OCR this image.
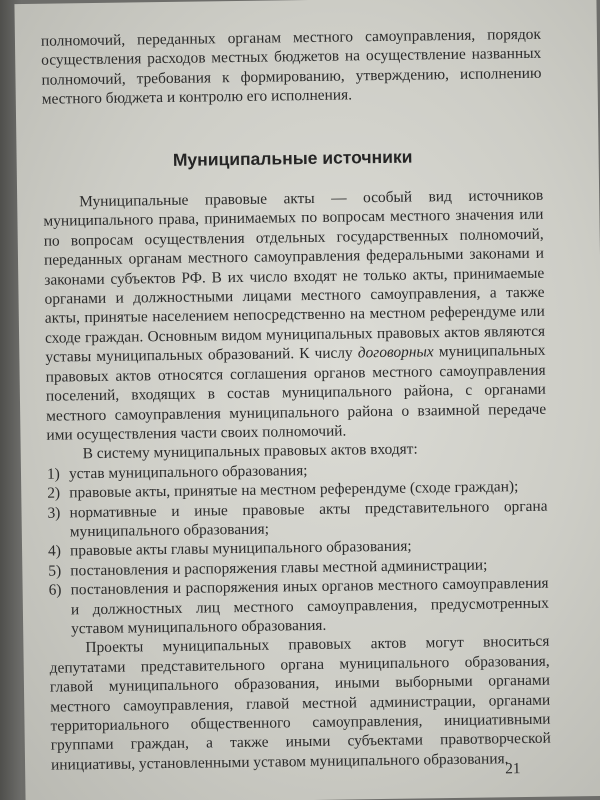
полномочий, переданных органам местного самоуправления, порядок осуществления расходов местных бюджетов на осуществление названных полномочий, требования к формированию, утверждению, исполнению местного бюджета и контролю его исполнения.

Муниципальные источники

Муниципальные правовые акты — особый вид источников муниципального права, принимаемых по вопросам местного значения или по вопросам осуществления отдельных государственных полномочий, переданных органам местного самоуправления федеральными законами и законами субъектов РФ. В их число входят не только акты, принимаемые органами и должностными лицами местного самоуправления, а также акты, принятые населением непосредственно на местном референдуме или сходе граждан. Основным видом муниципальных правовых актов являются уставы муниципальных образований. К числу договорных муниципальных правовых актов относятся соглашения органов местного самоуправления поселений, входящих в состав муниципального района, с органами местного самоуправления муниципального района о взаимной передаче ими осуществления части своих полномочий.

В систему муниципальных правовых актов входят:

1) устав муниципального образования;
2) правовые акты, принятые на местном референдуме (сходе граждан);
3) нормативные и иные правовые акты представительного органа муниципального образования;
4) правовые акты главы муниципального образования;
5) постановления и распоряжения главы местной администрации;
6) постановления и распоряжения иных органов местного самоуправления и должностных лиц местного самоуправления, предусмотренных уставом муниципального образования.

Проекты муниципальных правовых актов могут вноситься депутатами представительного органа муниципального образования, главой муниципального образования, иными выборными органами местного самоуправления, главой местной администрации, органами территориального общественного самоуправления, инициативными группами граждан, а также иными субъектами правотворческой инициативы, установленными уставом муниципального образования.

21
